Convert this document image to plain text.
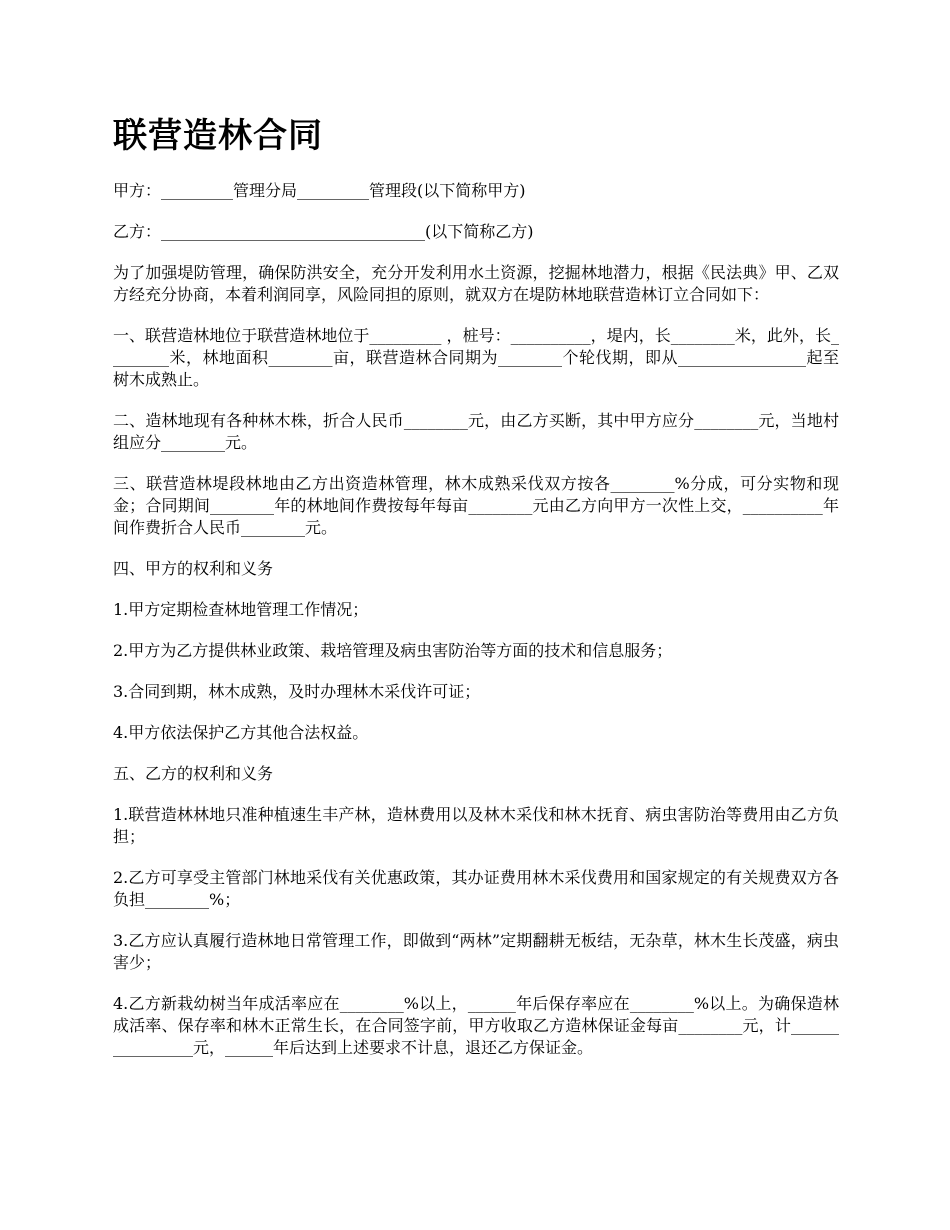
联营造林合同

甲方：_________管理分局_________管理段(以下简称甲方)

乙方：_________________________________(以下简称乙方)

为了加强堤防管理，确保防洪安全，充分开发利用水土资源，挖掘林地潜力，根据《民法典》甲、乙双方经充分协商，本着利润同享，风险同担的原则，就双方在堤防林地联营造林订立合同如下：

一、联营造林地位于联营造林地位于_________ ，桩号：__________，堤内，长________米，此外，长________米，林地面积________亩，联营造林合同期为________个轮伐期，即从________________起至树木成熟止。

二、造林地现有各种林木株，折合人民币________元，由乙方买断，其中甲方应分________元，当地村组应分________元。

三、联营造林堤段林地由乙方出资造林管理，林木成熟采伐双方按各________%分成，可分实物和现金；合同期间________年的林地间作费按每年每亩________元由乙方向甲方一次性上交，__________年间作费折合人民币________元。

四、甲方的权利和义务

1.甲方定期检查林地管理工作情况；

2.甲方为乙方提供林业政策、栽培管理及病虫害防治等方面的技术和信息服务；

3.合同到期，林木成熟，及时办理林木采伐许可证；

4.甲方依法保护乙方其他合法权益。

五、乙方的权利和义务

1.联营造林林地只准种植速生丰产林，造林费用以及林木采伐和林木抚育、病虫害防治等费用由乙方负担；

2.乙方可享受主管部门林地采伐有关优惠政策，其办证费用林木采伐费用和国家规定的有关规费双方各负担________%；

3.乙方应认真履行造林地日常管理工作，即做到“两林”定期翻耕无板结，无杂草，林木生长茂盛，病虫害少；

4.乙方新栽幼树当年成活率应在________%以上，______年后保存率应在________%以上。为确保造林成活率、保存率和林木正常生长，在合同签字前，甲方收取乙方造林保证金每亩________元，计________________元，______年后达到上述要求不计息，退还乙方保证金。
